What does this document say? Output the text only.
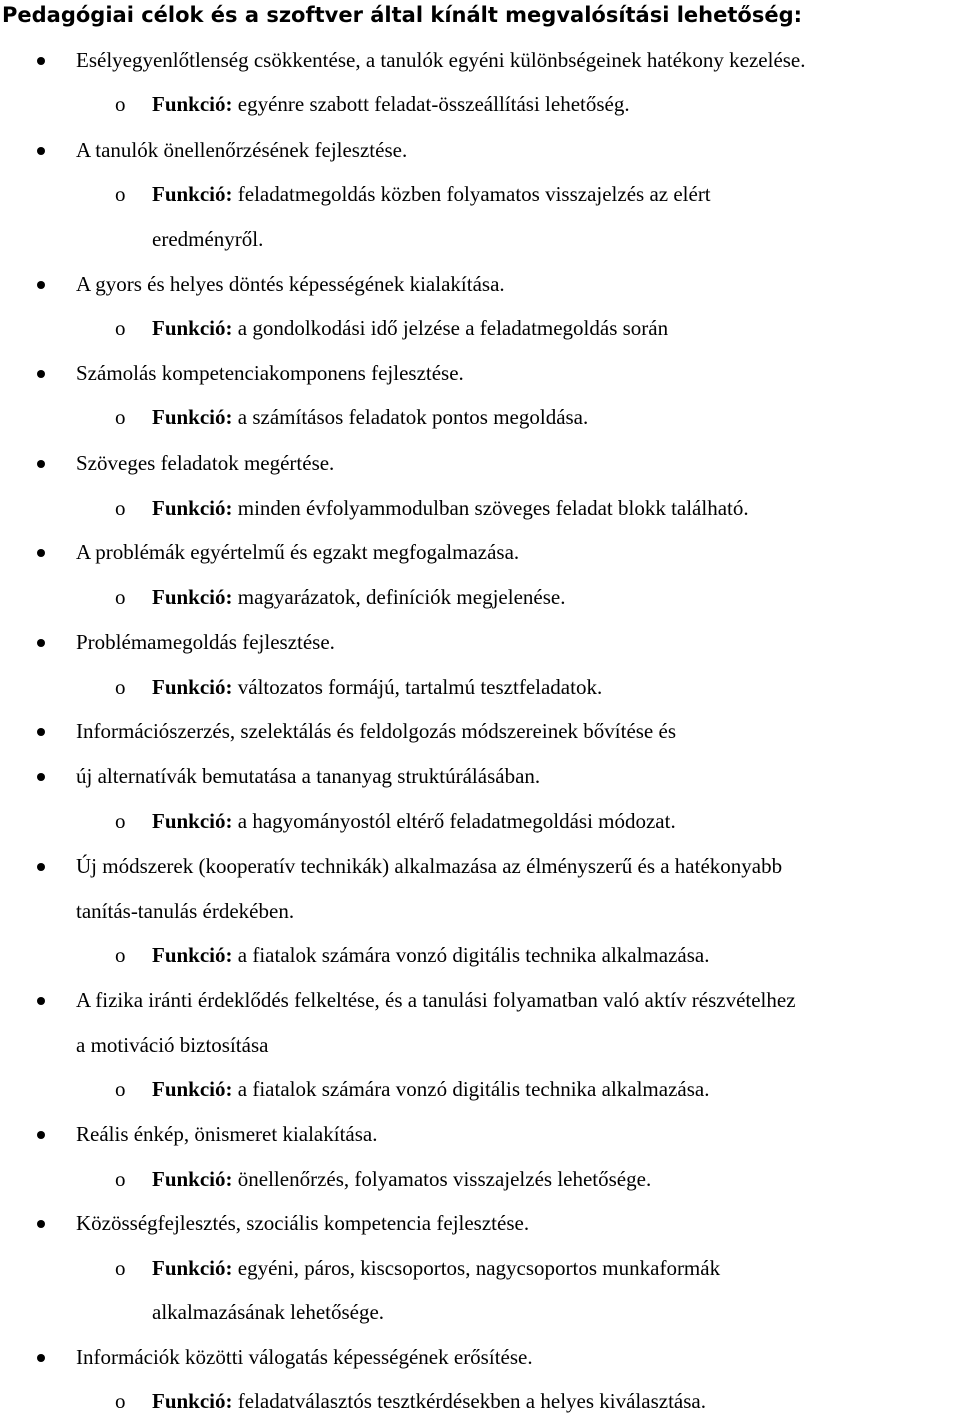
Pedagógiai célok és a szoftver által kínált megvalósítási lehetőség:
Esélyegyenlőtlenség csökkentése, a tanulók egyéni különbségeinek hatékony kezelése.
o Funkció: egyénre szabott feladat-összeállítási lehetőség.
A tanulók önellenőrzésének fejlesztése.
o Funkció: feladatmegoldás közben folyamatos visszajelzés az elért
eredményről.
A gyors és helyes döntés képességének kialakítása.
o Funkció: a gondolkodási idő jelzése a feladatmegoldás során
Számolás kompetenciakomponens fejlesztése.
o Funkció: a számításos feladatok pontos megoldása.
Szöveges feladatok megértése.
o Funkció: minden évfolyammodulban szöveges feladat blokk található.
A problémák egyértelmű és egzakt megfogalmazása.
o Funkció: magyarázatok, definíciók megjelenése.
Problémamegoldás fejlesztése.
o Funkció: változatos formájú, tartalmú tesztfeladatok.
Információszerzés, szelektálás és feldolgozás módszereinek bővítése és
új alternatívák bemutatása a tananyag struktúrálásában.
o Funkció: a hagyományostól eltérő feladatmegoldási módozat.
Új módszerek (kooperatív technikák) alkalmazása az élményszerű és a hatékonyabb
tanítás-tanulás érdekében.
o Funkció: a fiatalok számára vonzó digitális technika alkalmazása.
A fizika iránti érdeklődés felkeltése, és a tanulási folyamatban való aktív részvételhez
a motiváció biztosítása
o Funkció: a fiatalok számára vonzó digitális technika alkalmazása.
Reális énkép, önismeret kialakítása.
o Funkció: önellenőrzés, folyamatos visszajelzés lehetősége.
Közösségfejlesztés, szociális kompetencia fejlesztése.
o Funkció: egyéni, páros, kiscsoportos, nagycsoportos munkaformák
alkalmazásának lehetősége.
Információk közötti válogatás képességének erősítése.
o Funkció: feladatválasztós tesztkérdésekben a helyes kiválasztása.
